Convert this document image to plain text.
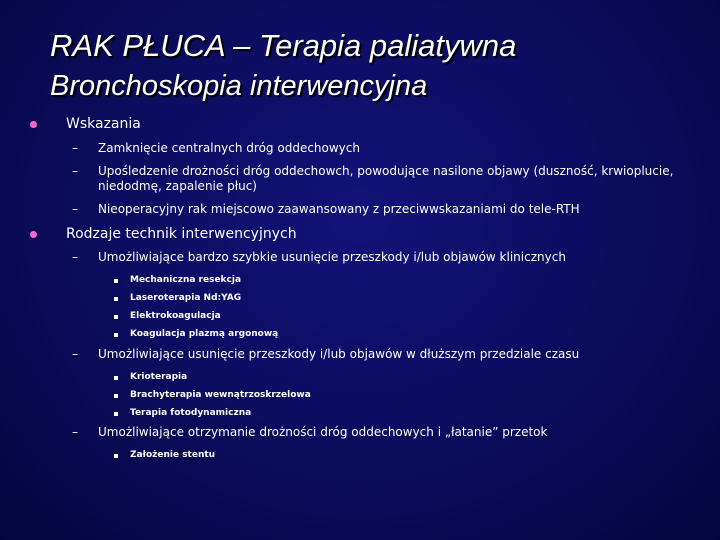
RAK PŁUCA – Terapia paliatywna
Bronchoskopia interwencyjna
Wskazania
– Zamknięcie centralnych dróg oddechowych
– Upośledzenie drożności dróg oddechowch, powodujące nasilone objawy (duszność, krwioplucie, niedodmę, zapalenie płuc)
– Nieoperacyjny rak miejscowo zaawansowany z przeciwwskazaniami do tele-RTH
Rodzaje technik interwencyjnych
– Umożliwiające bardzo szybkie usunięcie przeszkody i/lub objawów klinicznych
Mechaniczna resekcja
Laseroterapia Nd:YAG
Elektrokoagulacja
Koagulacja plazmą argonową
– Umożliwiające usunięcie przeszkody i/lub objawów w dłuższym przedziale czasu
Krioterapia
Brachyterapia wewnątrzoskrzelowa
Terapia fotodynamiczna
– Umożliwiające otrzymanie drożności dróg oddechowych i „łatanie” przetok
Założenie stentu
